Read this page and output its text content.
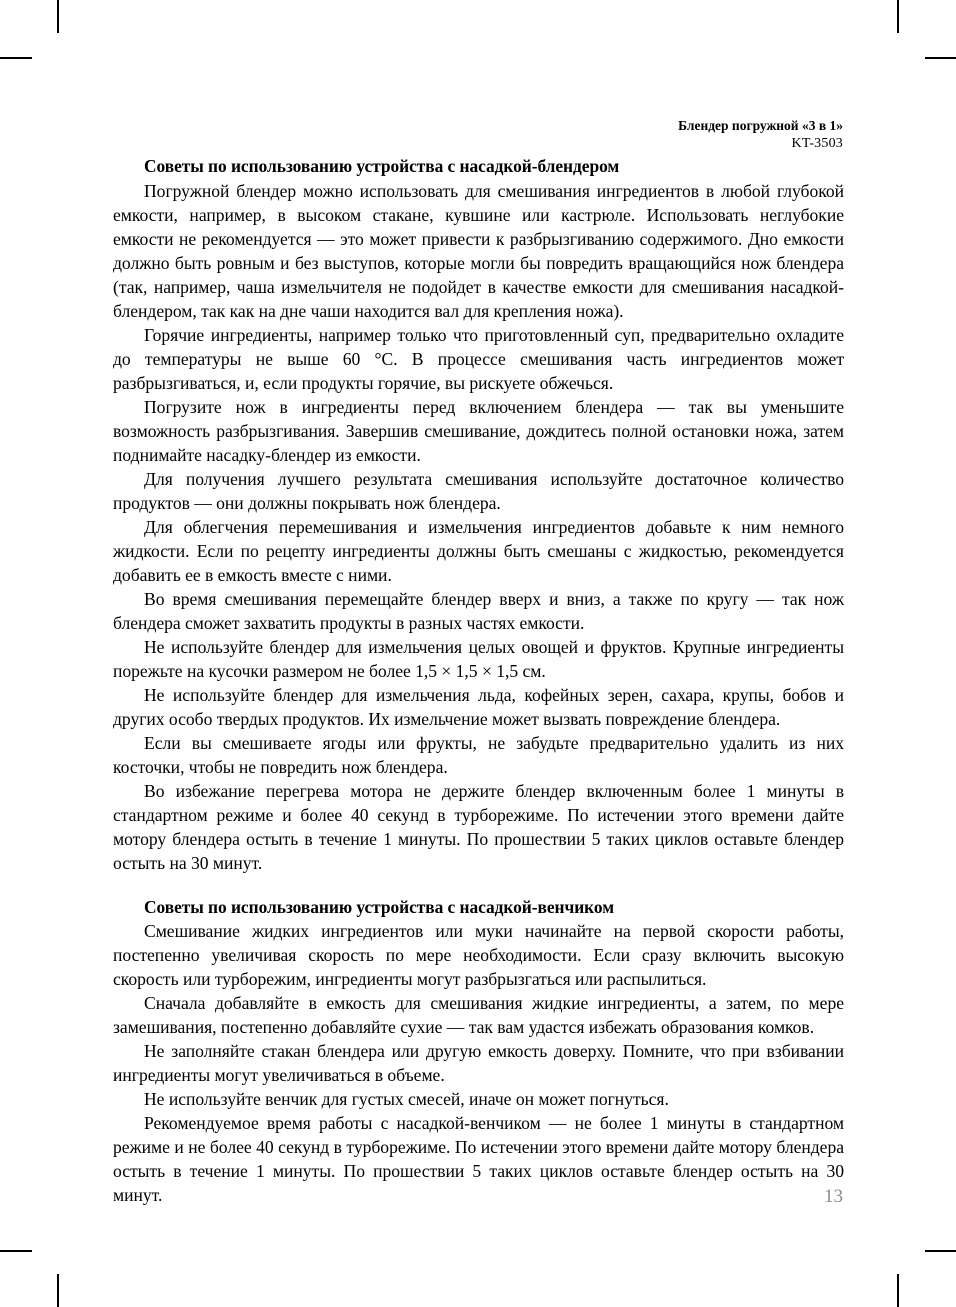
Блендер погружной «3 в 1»
KT-3503
Советы по использованию устройства с насадкой-блендером

Погружной блендер можно использовать для смешивания ингредиентов в любой глубокой емкости, например, в высоком стакане, кувшине или кастрюле. Использовать неглубокие емкости не рекомендуется — это может привести к разбрызгиванию содержимого. Дно емкости должно быть ровным и без выступов, которые могли бы повредить вращающийся нож блендера (так, например, чаша измельчителя не подойдет в качестве емкости для смешивания насадкой-блендером, так как на дне чаши находится вал для крепления ножа).

Горячие ингредиенты, например только что приготовленный суп, предварительно охладите до температуры не выше 60 °C. В процессе смешивания часть ингредиентов может разбрызгиваться, и, если продукты горячие, вы рискуете обжечься.

Погрузите нож в ингредиенты перед включением блендера — так вы уменьшите возможность разбрызгивания. Завершив смешивание, дождитесь полной остановки ножа, затем поднимайте насадку-блендер из емкости.

Для получения лучшего результата смешивания используйте достаточное количество продуктов — они должны покрывать нож блендера.

Для облегчения перемешивания и измельчения ингредиентов добавьте к ним немного жидкости. Если по рецепту ингредиенты должны быть смешаны с жидкостью, рекомендуется добавить ее в емкость вместе с ними.

Во время смешивания перемещайте блендер вверх и вниз, а также по кругу — так нож блендера сможет захватить продукты в разных частях емкости.

Не используйте блендер для измельчения целых овощей и фруктов. Крупные ингредиенты порежьте на кусочки размером не более 1,5 × 1,5 × 1,5 см.

Не используйте блендер для измельчения льда, кофейных зерен, сахара, крупы, бобов и других особо твердых продуктов. Их измельчение может вызвать повреждение блендера.

Если вы смешиваете ягоды или фрукты, не забудьте предварительно удалить из них косточки, чтобы не повредить нож блендера.

Во избежание перегрева мотора не держите блендер включенным более 1 минуты в стандартном режиме и более 40 секунд в турборежиме. По истечении этого времени дайте мотору блендера остыть в течение 1 минуты. По прошествии 5 таких циклов оставьте блендер остыть на 30 минут.

Советы по использованию устройства с насадкой-венчиком

Смешивание жидких ингредиентов или муки начинайте на первой скорости работы, постепенно увеличивая скорость по мере необходимости. Если сразу включить высокую скорость или турборежим, ингредиенты могут разбрызгаться или распылиться.

Сначала добавляйте в емкость для смешивания жидкие ингредиенты, а затем, по мере замешивания, постепенно добавляйте сухие — так вам удастся избежать образования комков.

Не заполняйте стакан блендера или другую емкость доверху. Помните, что при взбивании ингредиенты могут увеличиваться в объеме.

Не используйте венчик для густых смесей, иначе он может погнуться.

Рекомендуемое время работы с насадкой-венчиком — не более 1 минуты в стандартном режиме и не более 40 секунд в турборежиме. По истечении этого времени дайте мотору блендера остыть в течение 1 минуты. По прошествии 5 таких циклов оставьте блендер остыть на 30 минут.	13
